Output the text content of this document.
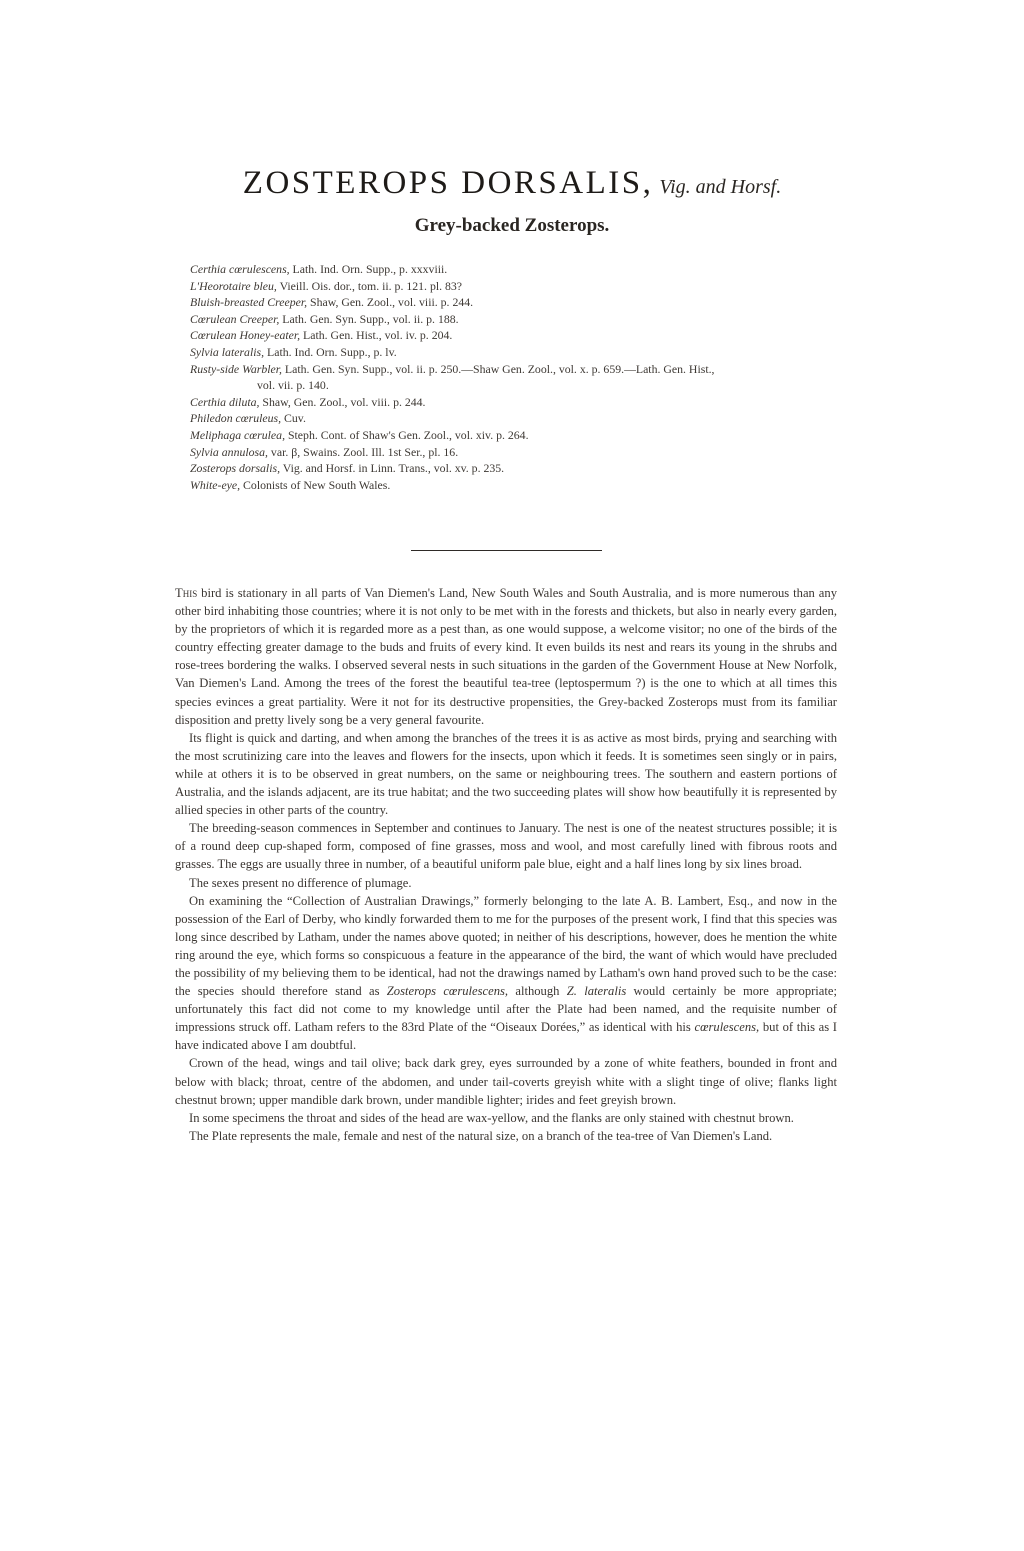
ZOSTEROPS DORSALIS, Vig. and Horsf.
Grey-backed Zosterops.

Certhia cœrulescens, Lath. Ind. Orn. Supp., p. xxxviii.

L'Heorotaire bleu, Vieill. Ois. dor., tom. ii. p. 121. pl. 83?

Bluish-breasted Creeper, Shaw, Gen. Zool., vol. viii. p. 244.

Cœrulean Creeper, Lath. Gen. Syn. Supp., vol. ii. p. 188.

Cœrulean Honey-eater, Lath. Gen. Hist., vol. iv. p. 204.

Sylvia lateralis, Lath. Ind. Orn. Supp., p. lv.

Rusty-side Warbler, Lath. Gen. Syn. Supp., vol. ii. p. 250.—Shaw Gen. Zool., vol. x. p. 659.—Lath. Gen. Hist.,
vol. vii. p. 140.

Certhia diluta, Shaw, Gen. Zool., vol. viii. p. 244.

Philedon cœruleus, Cuv.

Meliphaga cœrulea, Steph. Cont. of Shaw's Gen. Zool., vol. xiv. p. 264.

Sylvia annulosa, var. β, Swains. Zool. Ill. 1st Ser., pl. 16.

Zosterops dorsalis, Vig. and Horsf. in Linn. Trans., vol. xv. p. 235.

White-eye, Colonists of New South Wales.

This bird is stationary in all parts of Van Diemen's Land, New South Wales and South Australia, and is more numerous than any other bird inhabiting those countries; where it is not only to be met with in the forests and thickets, but also in nearly every garden, by the proprietors of which it is regarded more as a pest than, as one would suppose, a welcome visitor; no one of the birds of the country effecting greater damage to the buds and fruits of every kind. It even builds its nest and rears its young in the shrubs and rose-trees bordering the walks. I observed several nests in such situations in the garden of the Government House at New Norfolk, Van Diemen's Land. Among the trees of the forest the beautiful tea-tree (leptospermum ?) is the one to which at all times this species evinces a great partiality. Were it not for its destructive propensities, the Grey-backed Zosterops must from its familiar disposition and pretty lively song be a very general favourite.

Its flight is quick and darting, and when among the branches of the trees it is as active as most birds, prying and searching with the most scrutinizing care into the leaves and flowers for the insects, upon which it feeds. It is sometimes seen singly or in pairs, while at others it is to be observed in great numbers, on the same or neighbouring trees. The southern and eastern portions of Australia, and the islands adjacent, are its true habitat; and the two succeeding plates will show how beautifully it is represented by allied species in other parts of the country.

The breeding-season commences in September and continues to January. The nest is one of the neatest structures possible; it is of a round deep cup-shaped form, composed of fine grasses, moss and wool, and most carefully lined with fibrous roots and grasses. The eggs are usually three in number, of a beautiful uniform pale blue, eight and a half lines long by six lines broad.

The sexes present no difference of plumage.

On examining the “Collection of Australian Drawings,” formerly belonging to the late A. B. Lambert, Esq., and now in the possession of the Earl of Derby, who kindly forwarded them to me for the purposes of the present work, I find that this species was long since described by Latham, under the names above quoted; in neither of his descriptions, however, does he mention the white ring around the eye, which forms so conspicuous a feature in the appearance of the bird, the want of which would have precluded the possibility of my believing them to be identical, had not the drawings named by Latham's own hand proved such to be the case: the species should therefore stand as Zosterops cœrulescens, although Z. lateralis would certainly be more appropriate; unfortunately this fact did not come to my knowledge until after the Plate had been named, and the requisite number of impressions struck off. Latham refers to the 83rd Plate of the “Oiseaux Dorées,” as identical with his cœrulescens, but of this as I have indicated above I am doubtful.

Crown of the head, wings and tail olive; back dark grey, eyes surrounded by a zone of white feathers, bounded in front and below with black; throat, centre of the abdomen, and under tail-coverts greyish white with a slight tinge of olive; flanks light chestnut brown; upper mandible dark brown, under mandible lighter; irides and feet greyish brown.

In some specimens the throat and sides of the head are wax-yellow, and the flanks are only stained with chestnut brown.

The Plate represents the male, female and nest of the natural size, on a branch of the tea-tree of Van Diemen's Land.
